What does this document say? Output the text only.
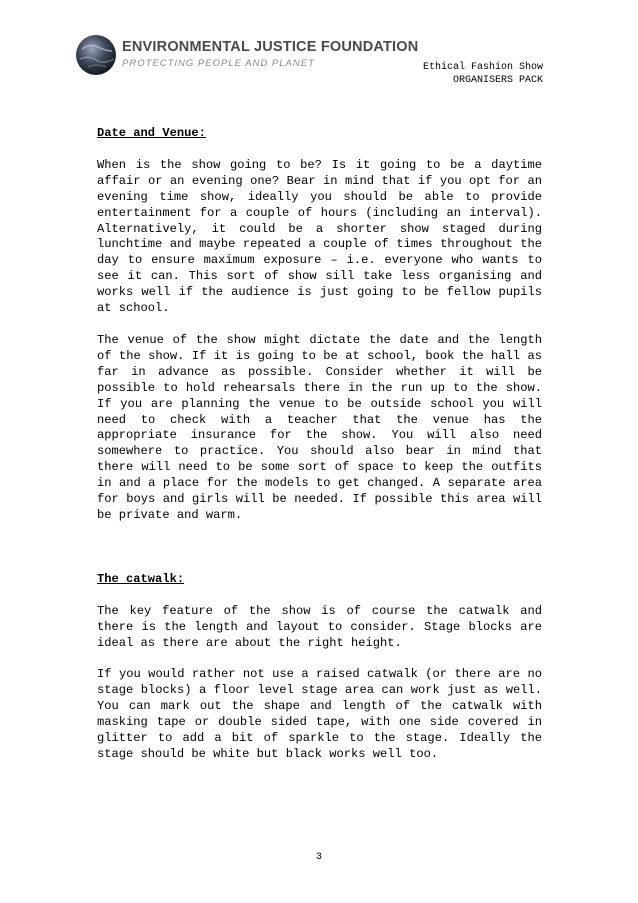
ENVIRONMENTAL JUSTICE FOUNDATION
PROTECTING PEOPLE AND PLANET	Ethical Fashion Show
ORGANISERS PACK

Date and Venue:

When is the show going to be? Is it going to be a daytime affair or an evening one? Bear in mind that if you opt for an evening time show, ideally you should be able to provide entertainment for a couple of hours (including an interval). Alternatively, it could be a shorter show staged during lunchtime and maybe repeated a couple of times throughout the day to ensure maximum exposure – i.e. everyone who wants to see it can. This sort of show sill take less organising and works well if the audience is just going to be fellow pupils at school.

The venue of the show might dictate the date and the length of the show. If it is going to be at school, book the hall as far in advance as possible. Consider whether it will be possible to hold rehearsals there in the run up to the show. If you are planning the venue to be outside school you will need to check with a teacher that the venue has the appropriate insurance for the show. You will also need somewhere to practice. You should also bear in mind that there will need to be some sort of space to keep the outfits in and a place for the models to get changed. A separate area for boys and girls will be needed. If possible this area will be private and warm.

The catwalk:

The key feature of the show is of course the catwalk and there is the length and layout to consider. Stage blocks are ideal as there are about the right height.

If you would rather not use a raised catwalk (or there are no stage blocks) a floor level stage area can work just as well. You can mark out the shape and length of the catwalk with masking tape or double sided tape, with one side covered in glitter to add a bit of sparkle to the stage. Ideally the stage should be white but black works well too.

3
